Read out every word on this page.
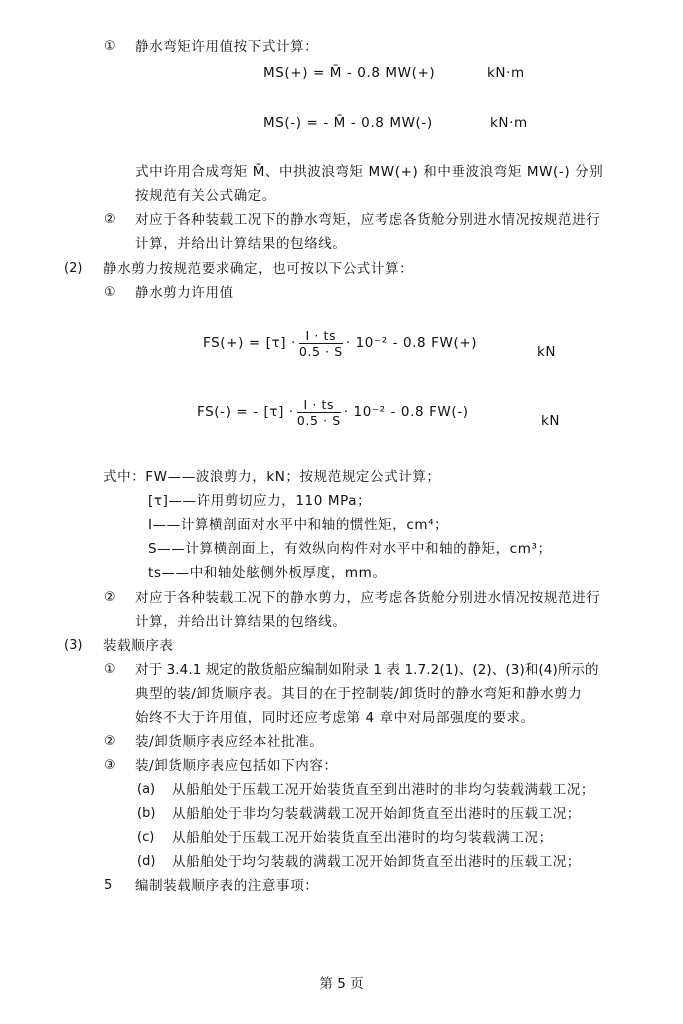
① 静水弯矩许用值按下式计算：
MS(+) = M̄ - 0.8 MW(+)	kN·m
MS(-) = - M̄ - 0.8 MW(-)	kN·m
式中许用合成弯矩 M̄、中拱波浪弯矩 MW(+) 和中垂波浪弯矩 MW(-) 分别
按规范有关公式确定。
② 对应于各种装载工况下的静水弯矩，应考虑各货舱分别进水情况按规范进行
计算，并给出计算结果的包络线。
(2) 静水剪力按规范要求确定，也可按以下公式计算：
① 静水剪力许用值
$FS(+) = [\tau] \cdot \frac{I \cdot ts}{0.5 \cdot S} \cdot 10^{-2} - 0.8$ FW(+)
kN
FS(-) = - $[\tau] \cdot \frac{I \cdot ts}{0.5 \cdot S} \cdot 10^{-2} - 0.8$ FW(-)
kN
式中：FW——波浪剪力，kN；按规范规定公式计算；
[τ]——许用剪切应力，110 MPa；
I——计算横剖面对水平中和轴的惯性矩，cm⁴；
S——计算横剖面上，有效纵向构件对水平中和轴的静矩，cm³；
ts——中和轴处舷侧外板厚度，mm。
② 对应于各种装载工况下的静水剪力，应考虑各货舱分别进水情况按规范进行
计算，并给出计算结果的包络线。
(3) 装载顺序表
① 对于 3.4.1 规定的散货船应编制如附录 1 表 1.7.2(1)、(2)、(3)和(4)所示的
典型的装/卸货顺序表。其目的在于控制装/卸货时的静水弯矩和静水剪力
始终不大于许用值，同时还应考虑第 4 章中对局部强度的要求。
② 装/卸货顺序表应经本社批准。
③ 装/卸货顺序表应包括如下内容：
(a) 从船舶处于压载工况开始装货直至到出港时的非均匀装载满载工况；
(b) 从船舶处于非均匀装载满载工况开始卸货直至出港时的压载工况；
(c) 从船舶处于压载工况开始装货直至出港时的均匀装载满工况；
(d) 从船舶处于均匀装载的满载工况开始卸货直至出港时的压载工况；
5 编制装载顺序表的注意事项：
第 5 页
